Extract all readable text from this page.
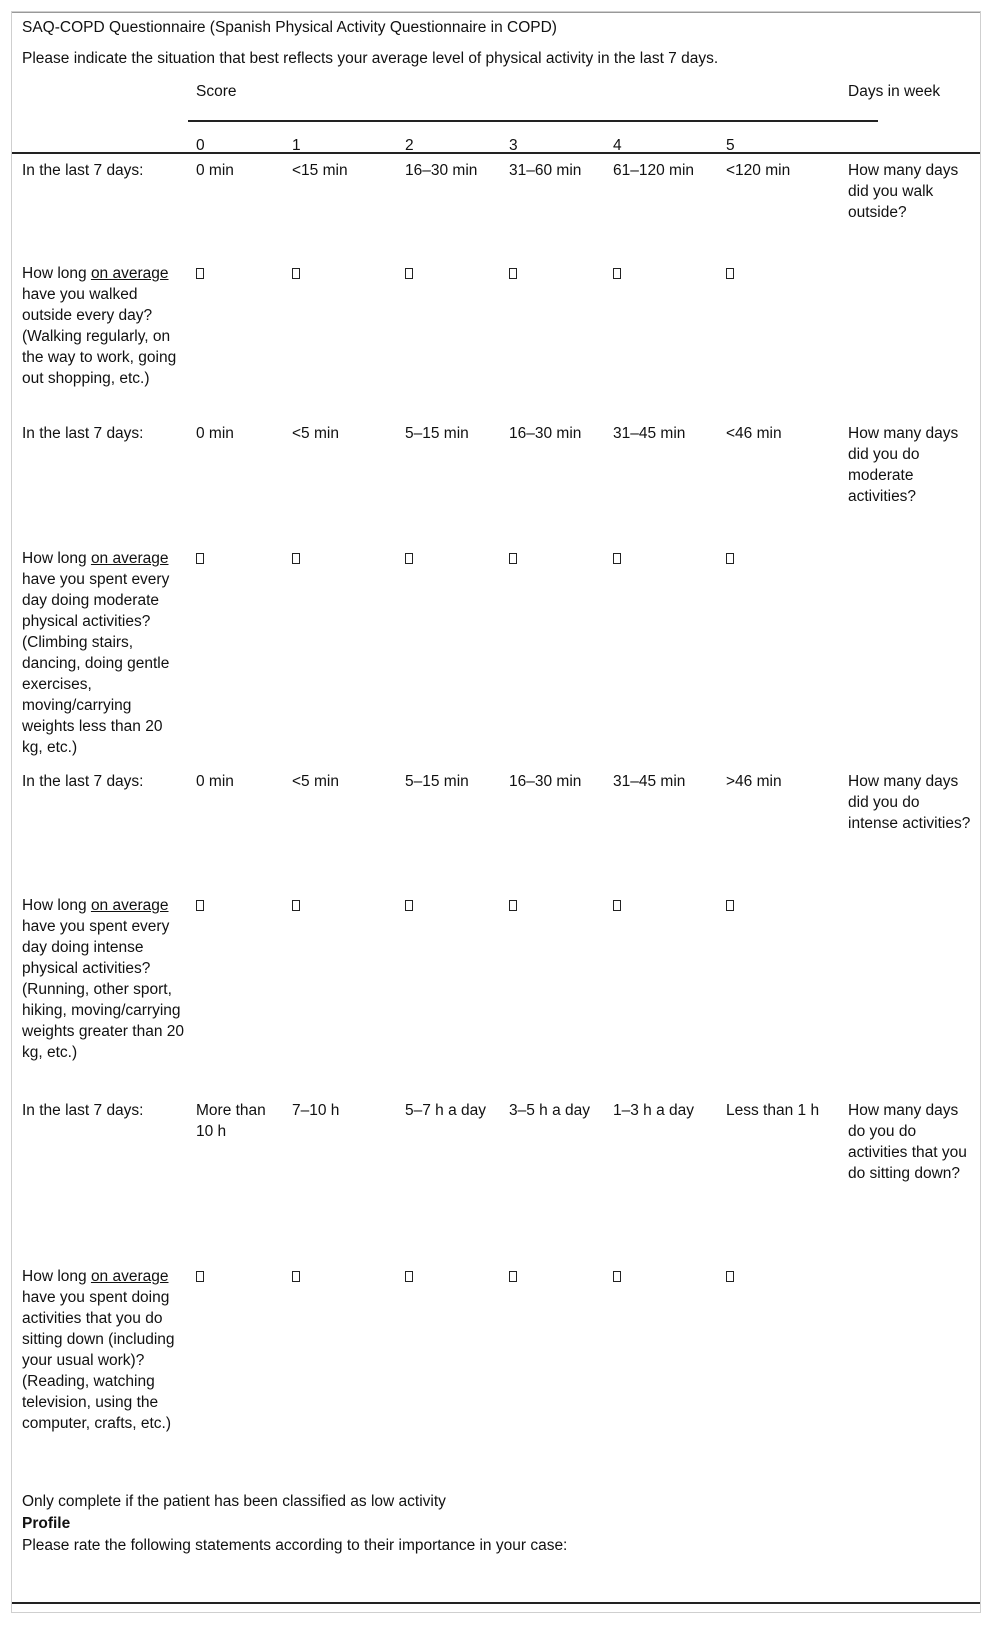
SAQ-COPD Questionnaire (Spanish Physical Activity Questionnaire in COPD)							
Please indicate the situation that best reflects your average level of physical activity in the last 7 days.							
	Score						Days in week
	0	1	2	3	4	5	
In the last 7 days:	0 min	<15 min	16–30 min	31–60 min	61–120 min	<120 min	How many days did you walk outside?
How long on average have you walked outside every day? (Walking regularly, on the way to work, going out shopping, etc.)							
In the last 7 days:	0 min	<5 min	5–15 min	16–30 min	31–45 min	<46 min	How many days did you do moderate activities?
How long on average have you spent every day doing moderate physical activities? (Climbing stairs, dancing, doing gentle exercises, moving/carrying weights less than 20 kg, etc.)							
In the last 7 days:	0 min	<5 min	5–15 min	16–30 min	31–45 min	>46 min	How many days did you do intense activities?
How long on average have you spent every day doing intense physical activities? (Running, other sport, hiking, moving/carrying weights greater than 20 kg, etc.)							
In the last 7 days:	More than 10 h	7–10 h	5–7 h a day	3–5 h a day	1–3 h a day	Less than 1 h	How many days do you do activities that you do sitting down?
How long on average have you spent doing activities that you do sitting down (including your usual work)? (Reading, watching television, using the computer, crafts, etc.)							
Only complete if the patient has been classified as low activity							
Profile							
Please rate the following statements according to their importance in your case:							
